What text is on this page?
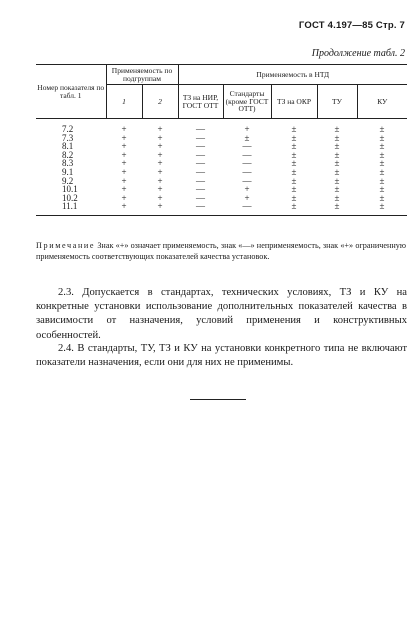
ГОСТ 4.197—85 Стр. 7
Продолжение табл. 2
Номер показателя по табл. 1	Применяемость по подгруппам		Применяемость в НТД				
	1	2	ТЗ на НИР, ГОСТ ОТТ	Стандарты (кроме ГОСТ ОТТ)	ТЗ на ОКР	ТУ	КУ
7.2	+	+	—	+	±	±	±
7.3	+	+	—	±	±	±	±
8.1	+	+	—	—	±	±	±
8.2	+	+	—	—	±	±	±
8.3	+	+	—	—	±	±	±
9.1	+	+	—	—	±	±	±
9.2	+	+	—	—	±	±	±
10.1	+	+	—	+	±	±	±
10.2	+	+	—	+	±	±	±
11.1	+	+	—	—	±	±	±
Примечание Знак «+» означает применяемость, знак «—» неприменяемость, знак «+» ограниченную применяемость соответствующих показателей качества установок.
2.3. Допускается в стандартах, технических условиях, ТЗ и КУ на конкретные установки использование дополнительных показателей качества в зависимости от назначения, условий применения и конструктивных особенностей.
2.4. В стандарты, ТУ, ТЗ и КУ на установки конкретного типа не включают показатели назначения, если они для них не применимы.
